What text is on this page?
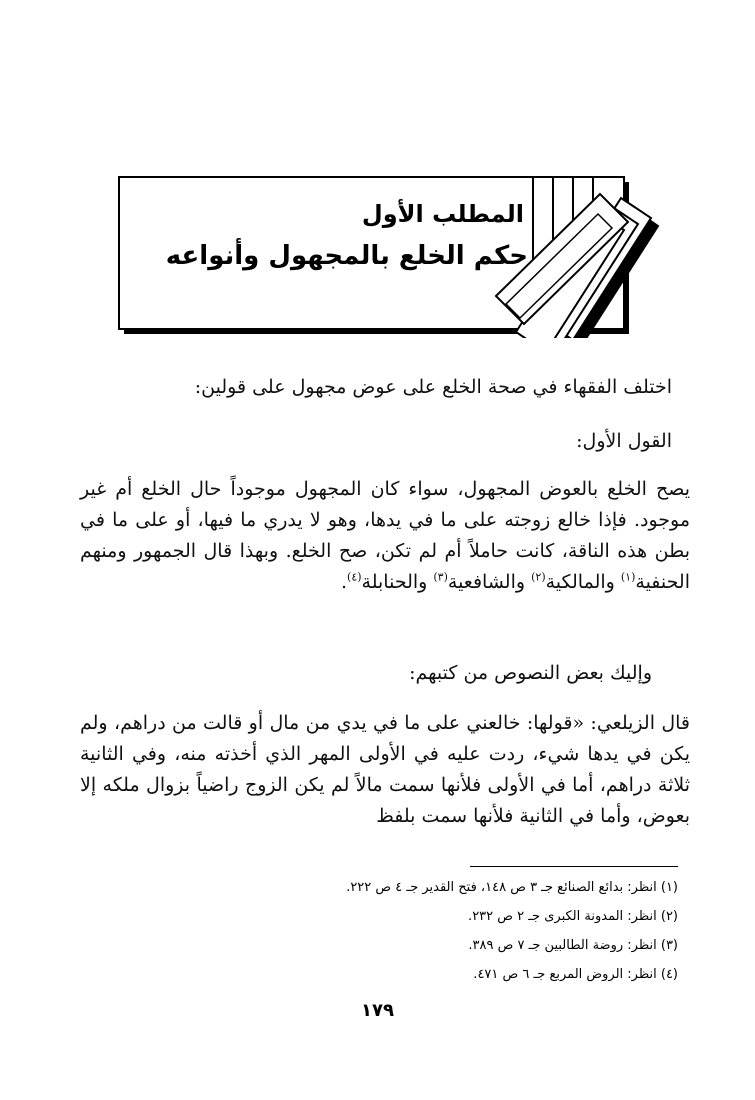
المطلب الأول
حكم الخلع بالمجهول وأنواعه
اختلف الفقهاء في صحة الخلع على عوض مجهول على قولين:
القول الأول:
يصح الخلع بالعوض المجهول، سواء كان المجهول موجوداً حال الخلع أم غير موجود. فإذا خالع زوجته على ما في يدها، وهو لا يدري ما فيها، أو على ما في بطن هذه الناقة، كانت حاملاً أم لم تكن، صح الخلع. وبهذا قال الجمهور ومنهم الحنفية$^{(١)}$ والمالكية$^{(٢)}$ والشافعية$^{(٣)}$ والحنابلة$^{(٤)}$.
وإليك بعض النصوص من كتبهم:
قال الزيلعي: «قولها: خالعني على ما في يدي من مال أو قالت من دراهم، ولم يكن في يدها شيء، ردت عليه في الأولى المهر الذي أخذته منه، وفي الثانية ثلاثة دراهم، أما في الأولى فلأنها سمت مالاً لم يكن الزوج راضياً بزوال ملكه إلا بعوض، وأما في الثانية فلأنها سمت بلفظ
(١) انظر: بدائع الصنائع جـ ٣ ص ١٤٨، فتح القدير جـ ٤ ص ٢٢٢.
(٢) انظر: المدونة الكبرى جـ ٢ ص ٢٣٢.
(٣) انظر: روضة الطالبين جـ ٧ ص ٣٨٩.
(٤) انظر: الروض المربع جـ ٦ ص ٤٧١.
١٧٩
